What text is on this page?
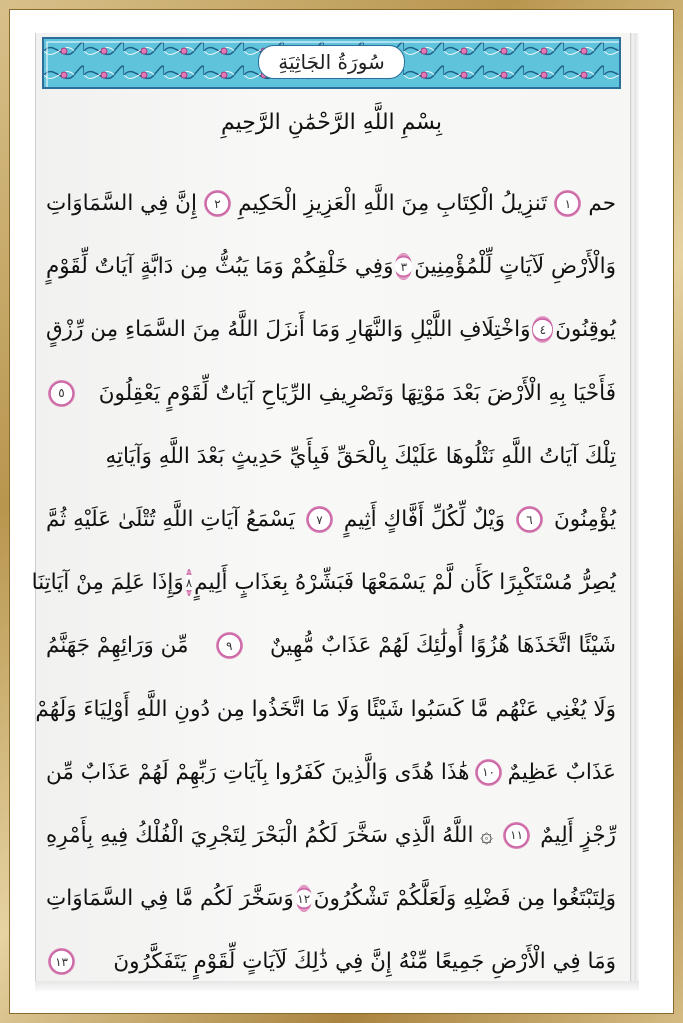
سُورَةُ الجَاثِيَةِ
بِسْمِ اللَّهِ الرَّحْمَٰنِ الرَّحِيمِ
حم
١
تَنزِيلُ الْكِتَابِ مِنَ اللَّهِ الْعَزِيزِ الْحَكِيمِ
٢
إِنَّ فِي السَّمَاوَاتِ
وَالْأَرْضِ لَآيَاتٍ لِّلْمُؤْمِنِينَ
٣
وَفِي خَلْقِكُمْ وَمَا يَبُثُّ مِن دَابَّةٍ آيَاتٌ لِّقَوْمٍ
يُوقِنُونَ
٤
وَاخْتِلَافِ اللَّيْلِ وَالنَّهَارِ وَمَا أَنزَلَ اللَّهُ مِنَ السَّمَاءِ مِن رِّزْقٍ
فَأَحْيَا بِهِ الْأَرْضَ بَعْدَ مَوْتِهَا وَتَصْرِيفِ الرِّيَاحِ آيَاتٌ لِّقَوْمٍ يَعْقِلُونَ
٥
تِلْكَ آيَاتُ اللَّهِ نَتْلُوهَا عَلَيْكَ بِالْحَقِّ فَبِأَيِّ حَدِيثٍ بَعْدَ اللَّهِ وَآيَاتِهِ
يُؤْمِنُونَ
٦
وَيْلٌ لِّكُلِّ أَفَّاكٍ أَثِيمٍ
٧
يَسْمَعُ آيَاتِ اللَّهِ تُتْلَىٰ عَلَيْهِ ثُمَّ
يُصِرُّ مُسْتَكْبِرًا كَأَن لَّمْ يَسْمَعْهَا فَبَشِّرْهُ بِعَذَابٍ أَلِيمٍ
٨
وَإِذَا عَلِمَ مِنْ آيَاتِنَا
شَيْئًا اتَّخَذَهَا هُزُوًا أُولَٰئِكَ لَهُمْ عَذَابٌ مُّهِينٌ
٩
مِّن وَرَائِهِمْ جَهَنَّمُ
وَلَا يُغْنِي عَنْهُم مَّا كَسَبُوا شَيْئًا وَلَا مَا اتَّخَذُوا مِن دُونِ اللَّهِ أَوْلِيَاءَ وَلَهُمْ
عَذَابٌ عَظِيمٌ
١٠
هَٰذَا هُدًى وَالَّذِينَ كَفَرُوا بِآيَاتِ رَبِّهِمْ لَهُمْ عَذَابٌ مِّن
رِّجْزٍ أَلِيمٌ
١١
۞ اللَّهُ الَّذِي سَخَّرَ لَكُمُ الْبَحْرَ لِتَجْرِيَ الْفُلْكُ فِيهِ بِأَمْرِهِ
وَلِتَبْتَغُوا مِن فَضْلِهِ وَلَعَلَّكُمْ تَشْكُرُونَ
١٢
وَسَخَّرَ لَكُم مَّا فِي السَّمَاوَاتِ
وَمَا فِي الْأَرْضِ جَمِيعًا مِّنْهُ إِنَّ فِي ذَٰلِكَ لَآيَاتٍ لِّقَوْمٍ يَتَفَكَّرُونَ
١٣
